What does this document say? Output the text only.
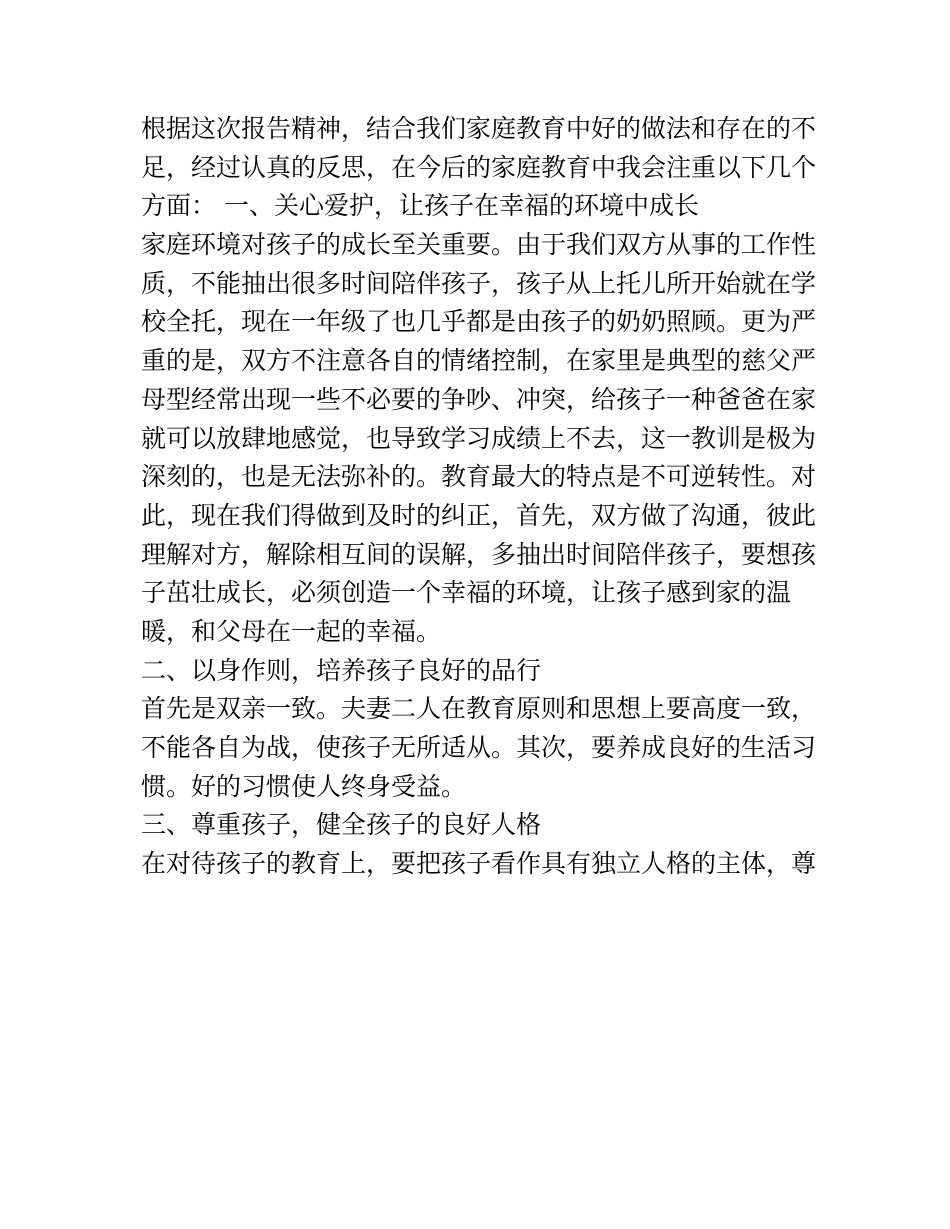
根据这次报告精神，结合我们家庭教育中好的做法和存在的不
足，经过认真的反思，在今后的家庭教育中我会注重以下几个
方面： 一、关心爱护，让孩子在幸福的环境中成长
家庭环境对孩子的成长至关重要。由于我们双方从事的工作性
质，不能抽出很多时间陪伴孩子，孩子从上托儿所开始就在学
校全托，现在一年级了也几乎都是由孩子的奶奶照顾。更为严
重的是，双方不注意各自的情绪控制，在家里是典型的慈父严
母型经常出现一些不必要的争吵、冲突，给孩子一种爸爸在家
就可以放肆地感觉，也导致学习成绩上不去，这一教训是极为
深刻的，也是无法弥补的。教育最大的特点是不可逆转性。对
此，现在我们得做到及时的纠正，首先，双方做了沟通，彼此
理解对方，解除相互间的误解，多抽出时间陪伴孩子，要想孩
子茁壮成长，必须创造一个幸福的环境，让孩子感到家的温
暖，和父母在一起的幸福。
二、以身作则，培养孩子良好的品行
首先是双亲一致。夫妻二人在教育原则和思想上要高度一致，
不能各自为战，使孩子无所适从。其次，要养成良好的生活习
惯。好的习惯使人终身受益。
三、尊重孩子，健全孩子的良好人格
在对待孩子的教育上，要把孩子看作具有独立人格的主体，尊
